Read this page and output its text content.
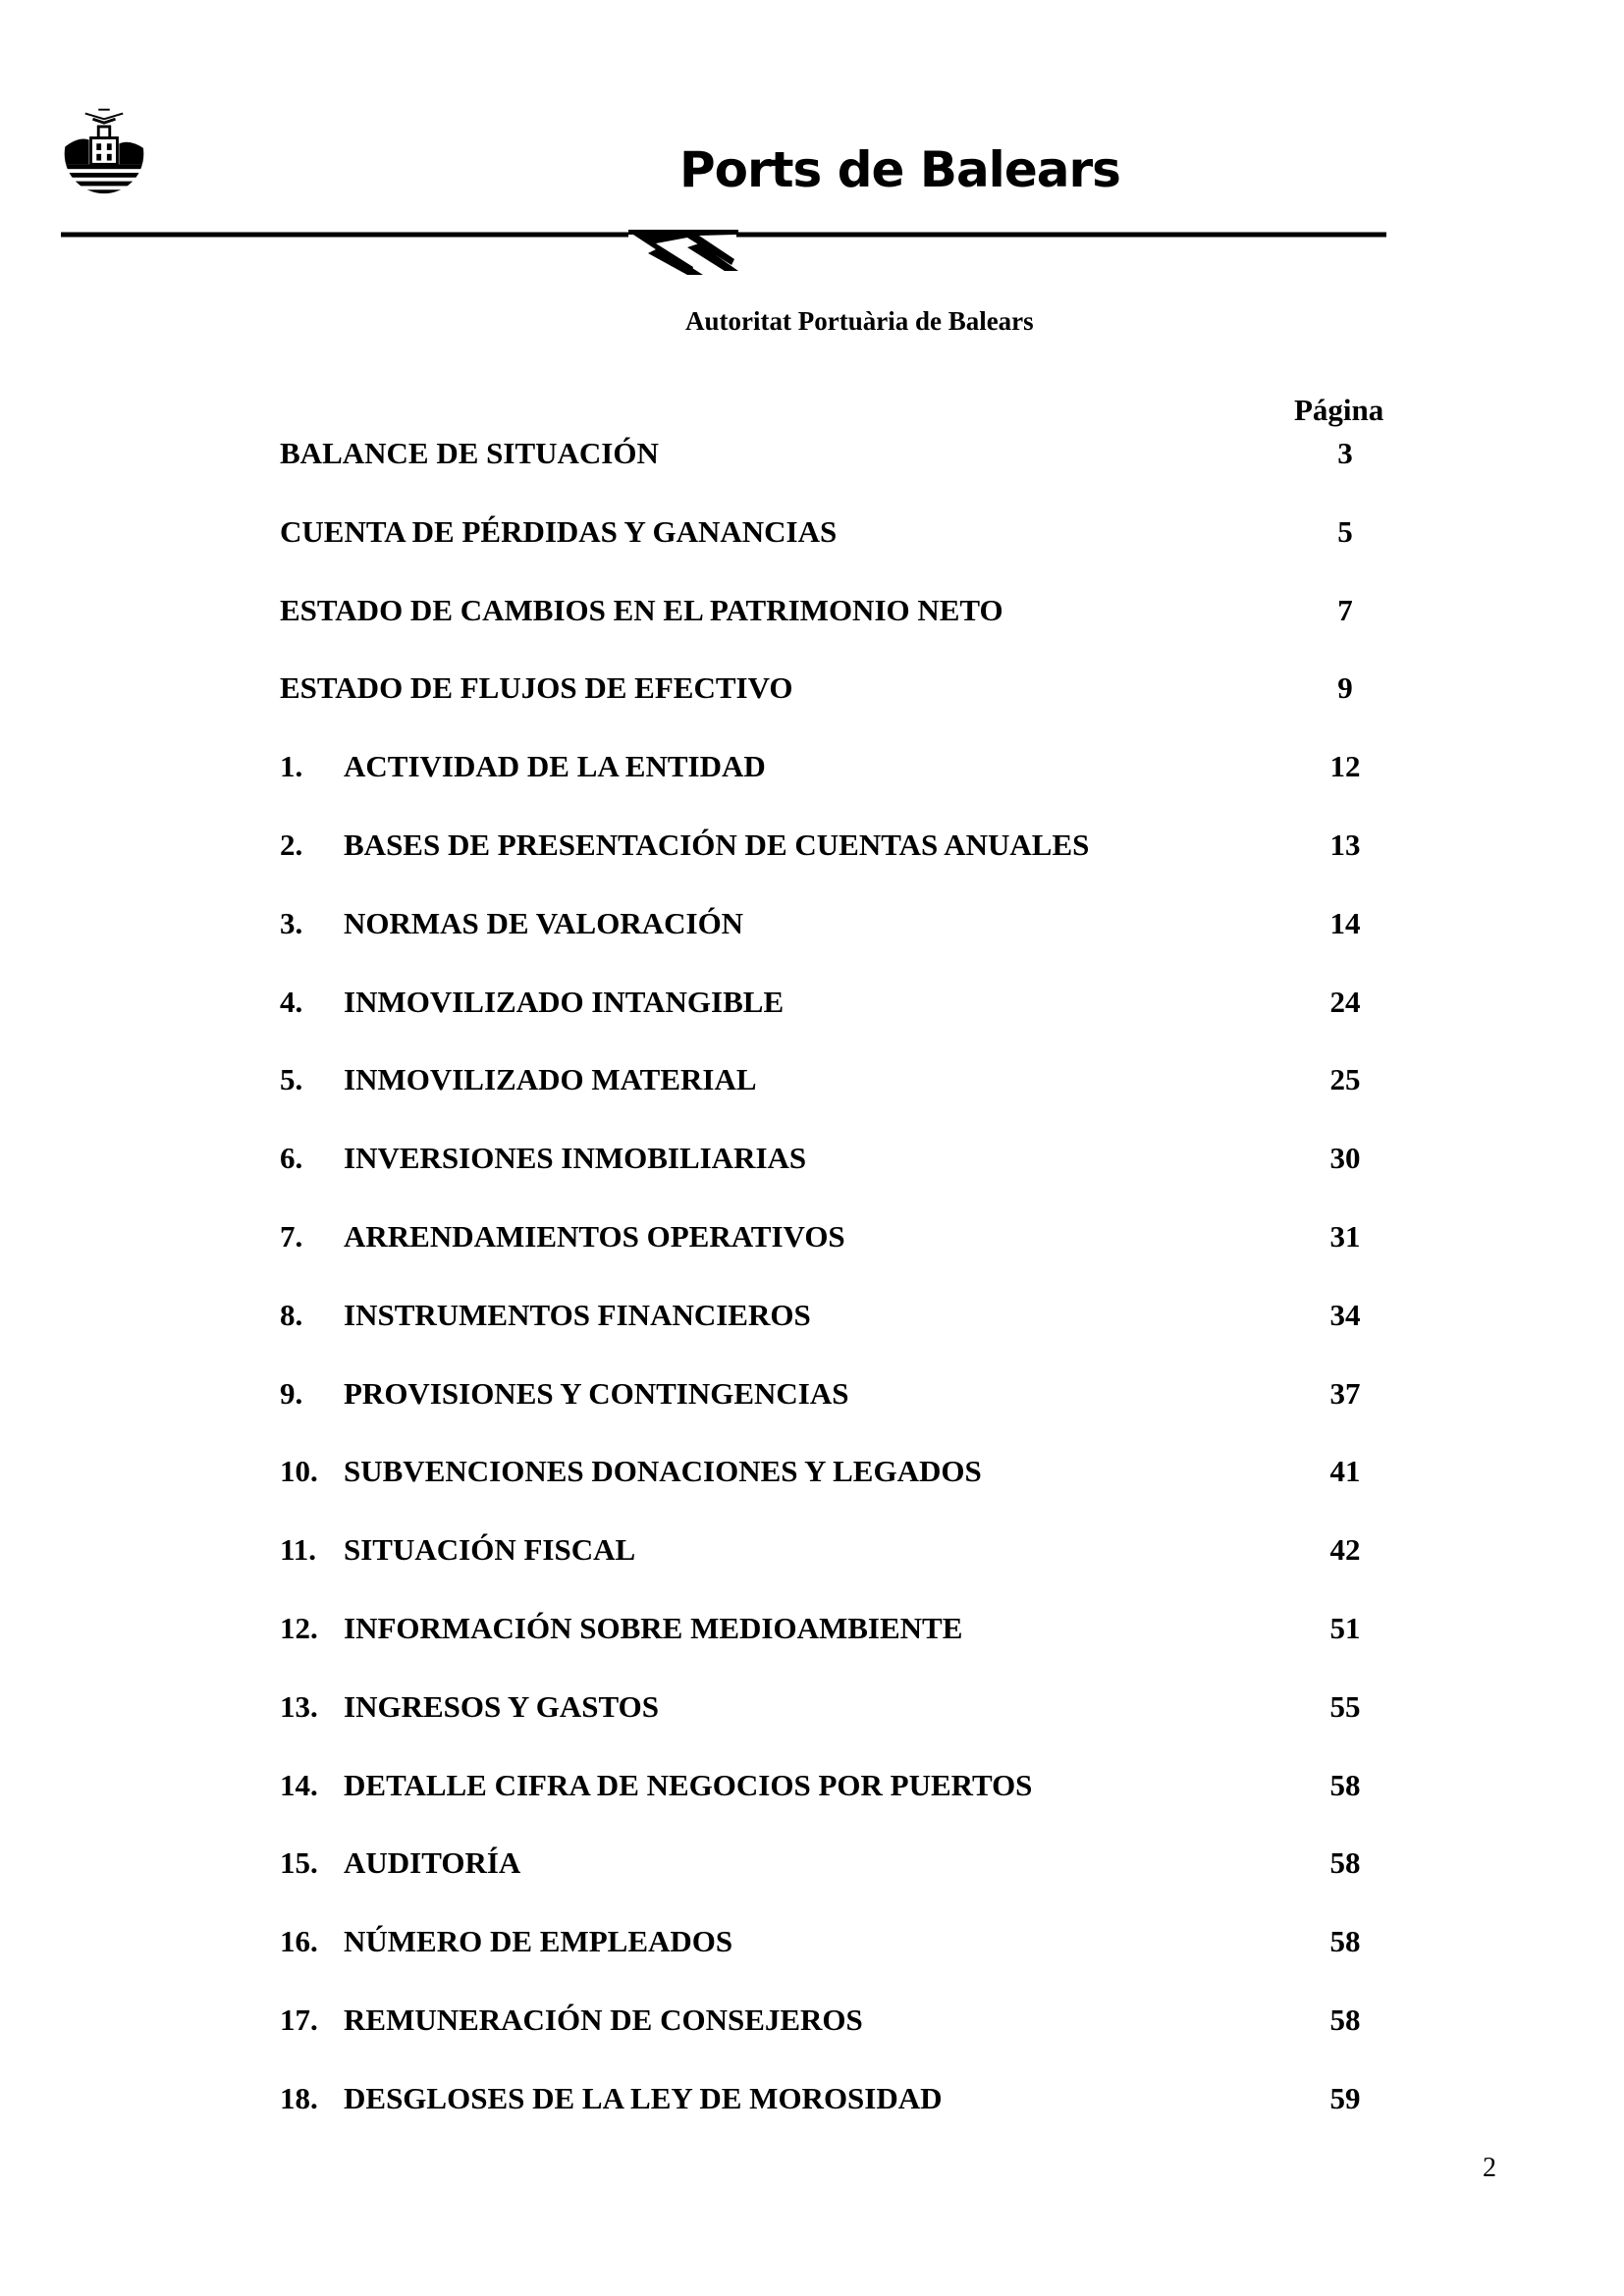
Ports de Balears
Autoritat Portuària de Balears
Página
BALANCE DE SITUACIÓN	3
CUENTA DE PÉRDIDAS Y GANANCIAS	5
ESTADO DE CAMBIOS EN EL PATRIMONIO NETO	7
ESTADO DE FLUJOS DE EFECTIVO	9
1. ACTIVIDAD DE LA ENTIDAD	12
2. BASES DE PRESENTACIÓN DE CUENTAS ANUALES	13
3. NORMAS DE VALORACIÓN	14
4. INMOVILIZADO INTANGIBLE	24
5. INMOVILIZADO MATERIAL	25
6. INVERSIONES INMOBILIARIAS	30
7. ARRENDAMIENTOS OPERATIVOS	31
8. INSTRUMENTOS FINANCIEROS	34
9. PROVISIONES Y CONTINGENCIAS	37
10. SUBVENCIONES DONACIONES Y LEGADOS	41
11. SITUACIÓN FISCAL	42
12. INFORMACIÓN SOBRE MEDIOAMBIENTE	51
13. INGRESOS Y GASTOS	55
14. DETALLE CIFRA DE NEGOCIOS POR PUERTOS	58
15. AUDITORÍA	58
16. NÚMERO DE EMPLEADOS	58
17. REMUNERACIÓN DE CONSEJEROS	58
18. DESGLOSES DE LA LEY DE MOROSIDAD	59
2
